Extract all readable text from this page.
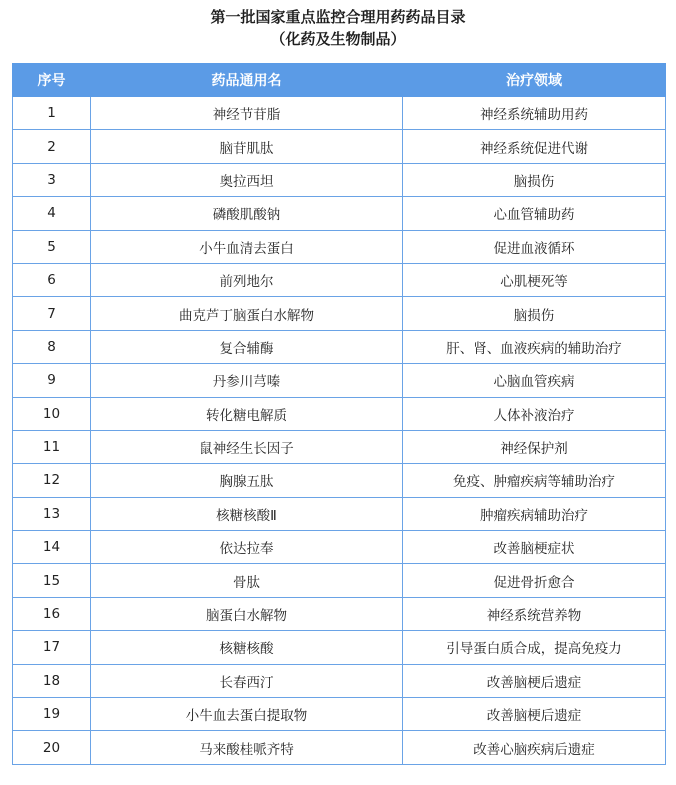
第一批国家重点监控合理用药药品目录
（化药及生物制品）
序号	药品通用名	治疗领域
1	神经节苷脂	神经系统辅助用药
2	脑苷肌肽	神经系统促进代谢
3	奥拉西坦	脑损伤
4	磷酸肌酸钠	心血管辅助药
5	小牛血清去蛋白	促进血液循环
6	前列地尔	心肌梗死等
7	曲克芦丁脑蛋白水解物	脑损伤
8	复合辅酶	肝、肾、血液疾病的辅助治疗
9	丹参川芎嗪	心脑血管疾病
10	转化糖电解质	人体补液治疗
11	鼠神经生长因子	神经保护剂
12	胸腺五肽	免疫、肿瘤疾病等辅助治疗
13	核糖核酸Ⅱ	肿瘤疾病辅助治疗
14	依达拉奉	改善脑梗症状
15	骨肽	促进骨折愈合
16	脑蛋白水解物	神经系统营养物
17	核糖核酸	引导蛋白质合成，提高免疫力
18	长春西汀	改善脑梗后遗症
19	小牛血去蛋白提取物	改善脑梗后遗症
20	马来酸桂哌齐特	改善心脑疾病后遗症
